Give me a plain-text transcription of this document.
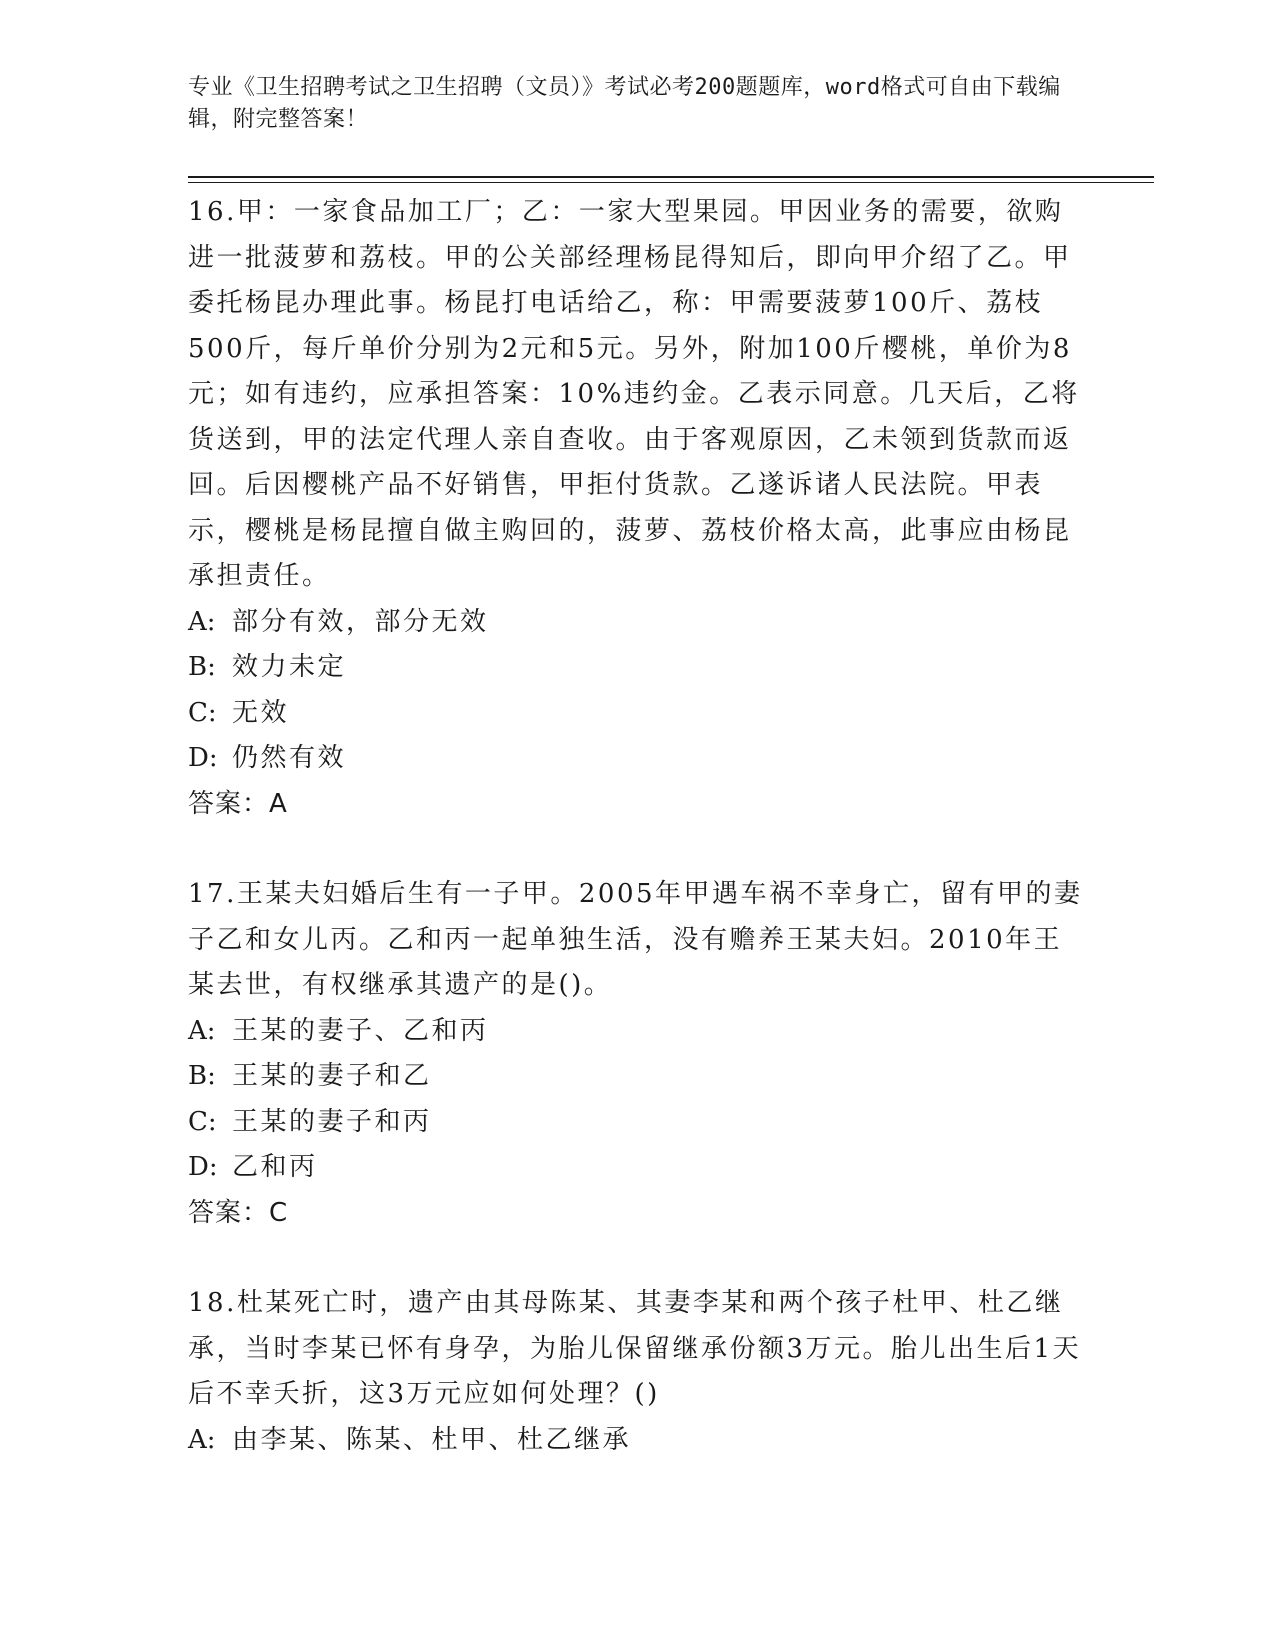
专业《卫生招聘考试之卫生招聘（文员）》考试必考200题题库，word格式可自由下载编辑，附完整答案！

16.甲：一家食品加工厂；乙：一家大型果园。甲因业务的需要，欲购进一批菠萝和荔枝。甲的公关部经理杨昆得知后，即向甲介绍了乙。甲委托杨昆办理此事。杨昆打电话给乙，称：甲需要菠萝100斤、荔枝500斤，每斤单价分别为2元和5元。另外，附加100斤樱桃，单价为8元；如有违约，应承担答案：10%违约金。乙表示同意。几天后，乙将货送到，甲的法定代理人亲自查收。由于客观原因，乙未领到货款而返回。后因樱桃产品不好销售，甲拒付货款。乙遂诉诸人民法院。甲表示，樱桃是杨昆擅自做主购回的，菠萝、荔枝价格太高，此事应由杨昆承担责任。

A: 部分有效，部分无效

B: 效力未定

C: 无效

D: 仍然有效

答案：A

17.王某夫妇婚后生有一子甲。2005年甲遇车祸不幸身亡，留有甲的妻子乙和女儿丙。乙和丙一起单独生活，没有赡养王某夫妇。2010年王某去世，有权继承其遗产的是()。

A: 王某的妻子、乙和丙

B: 王某的妻子和乙

C: 王某的妻子和丙

D: 乙和丙

答案：C

18.杜某死亡时，遗产由其母陈某、其妻李某和两个孩子杜甲、杜乙继承，当时李某已怀有身孕，为胎儿保留继承份额3万元。胎儿出生后1天后不幸夭折，这3万元应如何处理？()

A: 由李某、陈某、杜甲、杜乙继承
